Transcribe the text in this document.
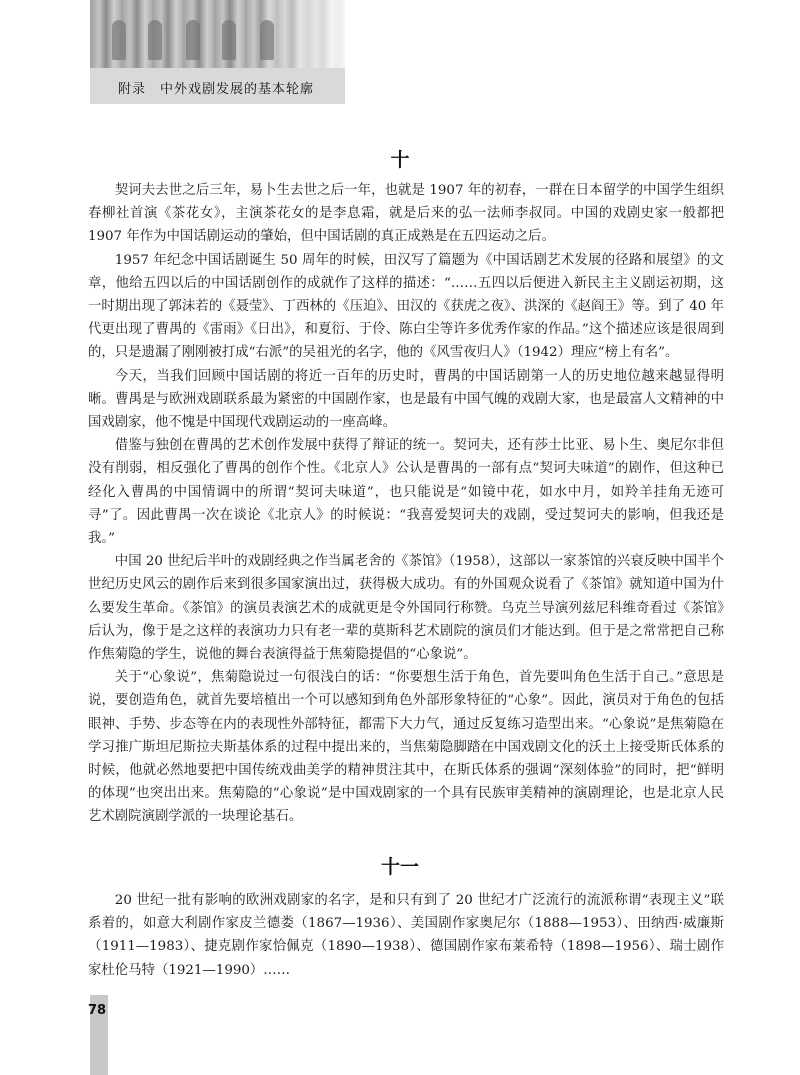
附录 中外戏剧发展的基本轮廓
十

契诃夫去世之后三年，易卜生去世之后一年，也就是 1907 年的初春，一群在日本留学的中国学生组织春柳社首演《茶花女》，主演茶花女的是李息霜，就是后来的弘一法师李叔同。中国的戏剧史家一般都把 1907 年作为中国话剧运动的肇始，但中国话剧的真正成熟是在五四运动之后。

1957 年纪念中国话剧诞生 50 周年的时候，田汉写了篇题为《中国话剧艺术发展的径路和展望》的文章，他给五四以后的中国话剧创作的成就作了这样的描述：“……五四以后便进入新民主主义剧运初期，这一时期出现了郭沫若的《聂莹》、丁西林的《压迫》、田汉的《获虎之夜》、洪深的《赵阎王》等。到了 40 年代更出现了曹禺的《雷雨》《日出》，和夏衍、于伶、陈白尘等许多优秀作家的作品。”这个描述应该是很周到的，只是遗漏了刚刚被打成“右派”的吴祖光的名字，他的《风雪夜归人》（1942）理应“榜上有名”。

今天，当我们回顾中国话剧的将近一百年的历史时，曹禺的中国话剧第一人的历史地位越来越显得明晰。曹禺是与欧洲戏剧联系最为紧密的中国剧作家，也是最有中国气魄的戏剧大家，也是最富人文精神的中国戏剧家，他不愧是中国现代戏剧运动的一座高峰。

借鉴与独创在曹禺的艺术创作发展中获得了辩证的统一。契诃夫，还有莎士比亚、易卜生、奥尼尔非但没有削弱，相反强化了曹禺的创作个性。《北京人》公认是曹禺的一部有点“契诃夫味道”的剧作，但这种已经化入曹禺的中国情调中的所谓“契诃夫味道”，也只能说是“如镜中花，如水中月，如羚羊挂角无迹可寻”了。因此曹禺一次在谈论《北京人》的时候说：“我喜爱契诃夫的戏剧，受过契诃夫的影响，但我还是我。”

中国 20 世纪后半叶的戏剧经典之作当属老舍的《茶馆》（1958），这部以一家茶馆的兴衰反映中国半个世纪历史风云的剧作后来到很多国家演出过，获得极大成功。有的外国观众说看了《茶馆》就知道中国为什么要发生革命。《茶馆》的演员表演艺术的成就更是令外国同行称赞。乌克兰导演列兹尼科维奇看过《茶馆》后认为，像于是之这样的表演功力只有老一辈的莫斯科艺术剧院的演员们才能达到。但于是之常常把自己称作焦菊隐的学生，说他的舞台表演得益于焦菊隐提倡的“心象说”。

关于“心象说”，焦菊隐说过一句很浅白的话：“你要想生活于角色，首先要叫角色生活于自己。”意思是说，要创造角色，就首先要培植出一个可以感知到角色外部形象特征的“心象”。因此，演员对于角色的包括眼神、手势、步态等在内的表现性外部特征，都需下大力气，通过反复练习造型出来。“心象说”是焦菊隐在学习推广斯坦尼斯拉夫斯基体系的过程中提出来的，当焦菊隐脚踏在中国戏剧文化的沃土上接受斯氏体系的时候，他就必然地要把中国传统戏曲美学的精神贯注其中，在斯氏体系的强调“深刻体验”的同时，把“鲜明的体现”也突出出来。焦菊隐的“心象说”是中国戏剧家的一个具有民族审美精神的演剧理论，也是北京人民艺术剧院演剧学派的一块理论基石。

十一

20 世纪一批有影响的欧洲戏剧家的名字，是和只有到了 20 世纪才广泛流行的流派称谓“表现主义”联系着的，如意大利剧作家皮兰德娄（1867—1936）、美国剧作家奥尼尔（1888—1953）、田纳西·威廉斯（1911—1983）、捷克剧作家恰佩克（1890—1938）、德国剧作家布莱希特（1898—1956）、瑞士剧作家杜伦马特（1921—1990）……

78
